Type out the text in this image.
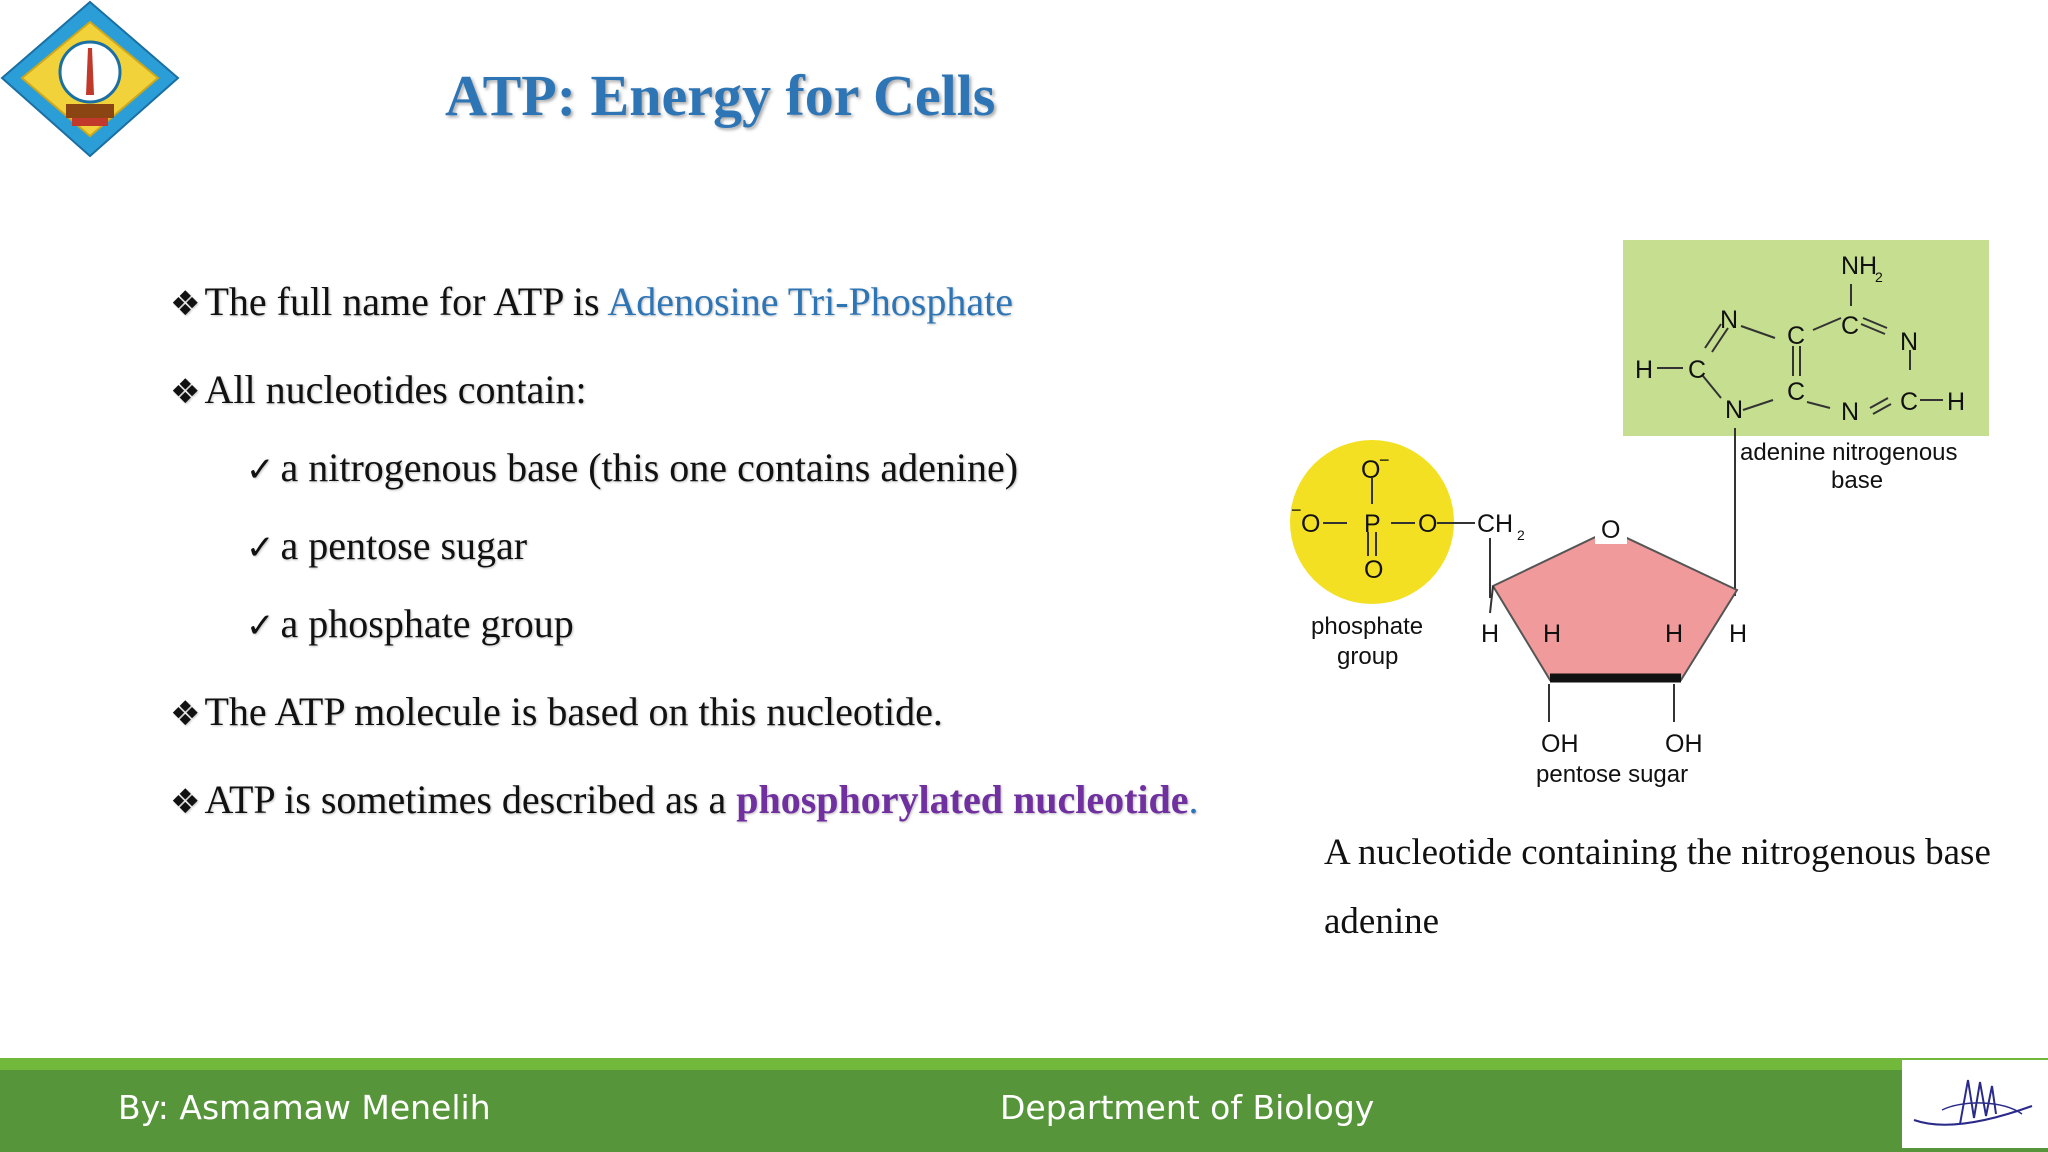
ATP: Energy for Cells
❖ The full name for ATP is Adenosine Tri-Phosphate
❖ All nucleotides contain:
✓ a nitrogenous base (this one contains adenine)
✓ a pentose sugar
✓ a phosphate group
❖ The ATP molecule is based on this nucleotide.
❖ ATP is sometimes described as a phosphorylated nucleotide.
NH
2
C
N
C
N
C
H
C
N	N C H
adenine nitrogenous
base
O
−
P
O
− O	O CH 2
phosphate
group
O
H H	H H
OH	OH
pentose sugar
A nucleotide containing the nitrogenous base adenine
By: Asmamaw Menelih	Department of Biology
